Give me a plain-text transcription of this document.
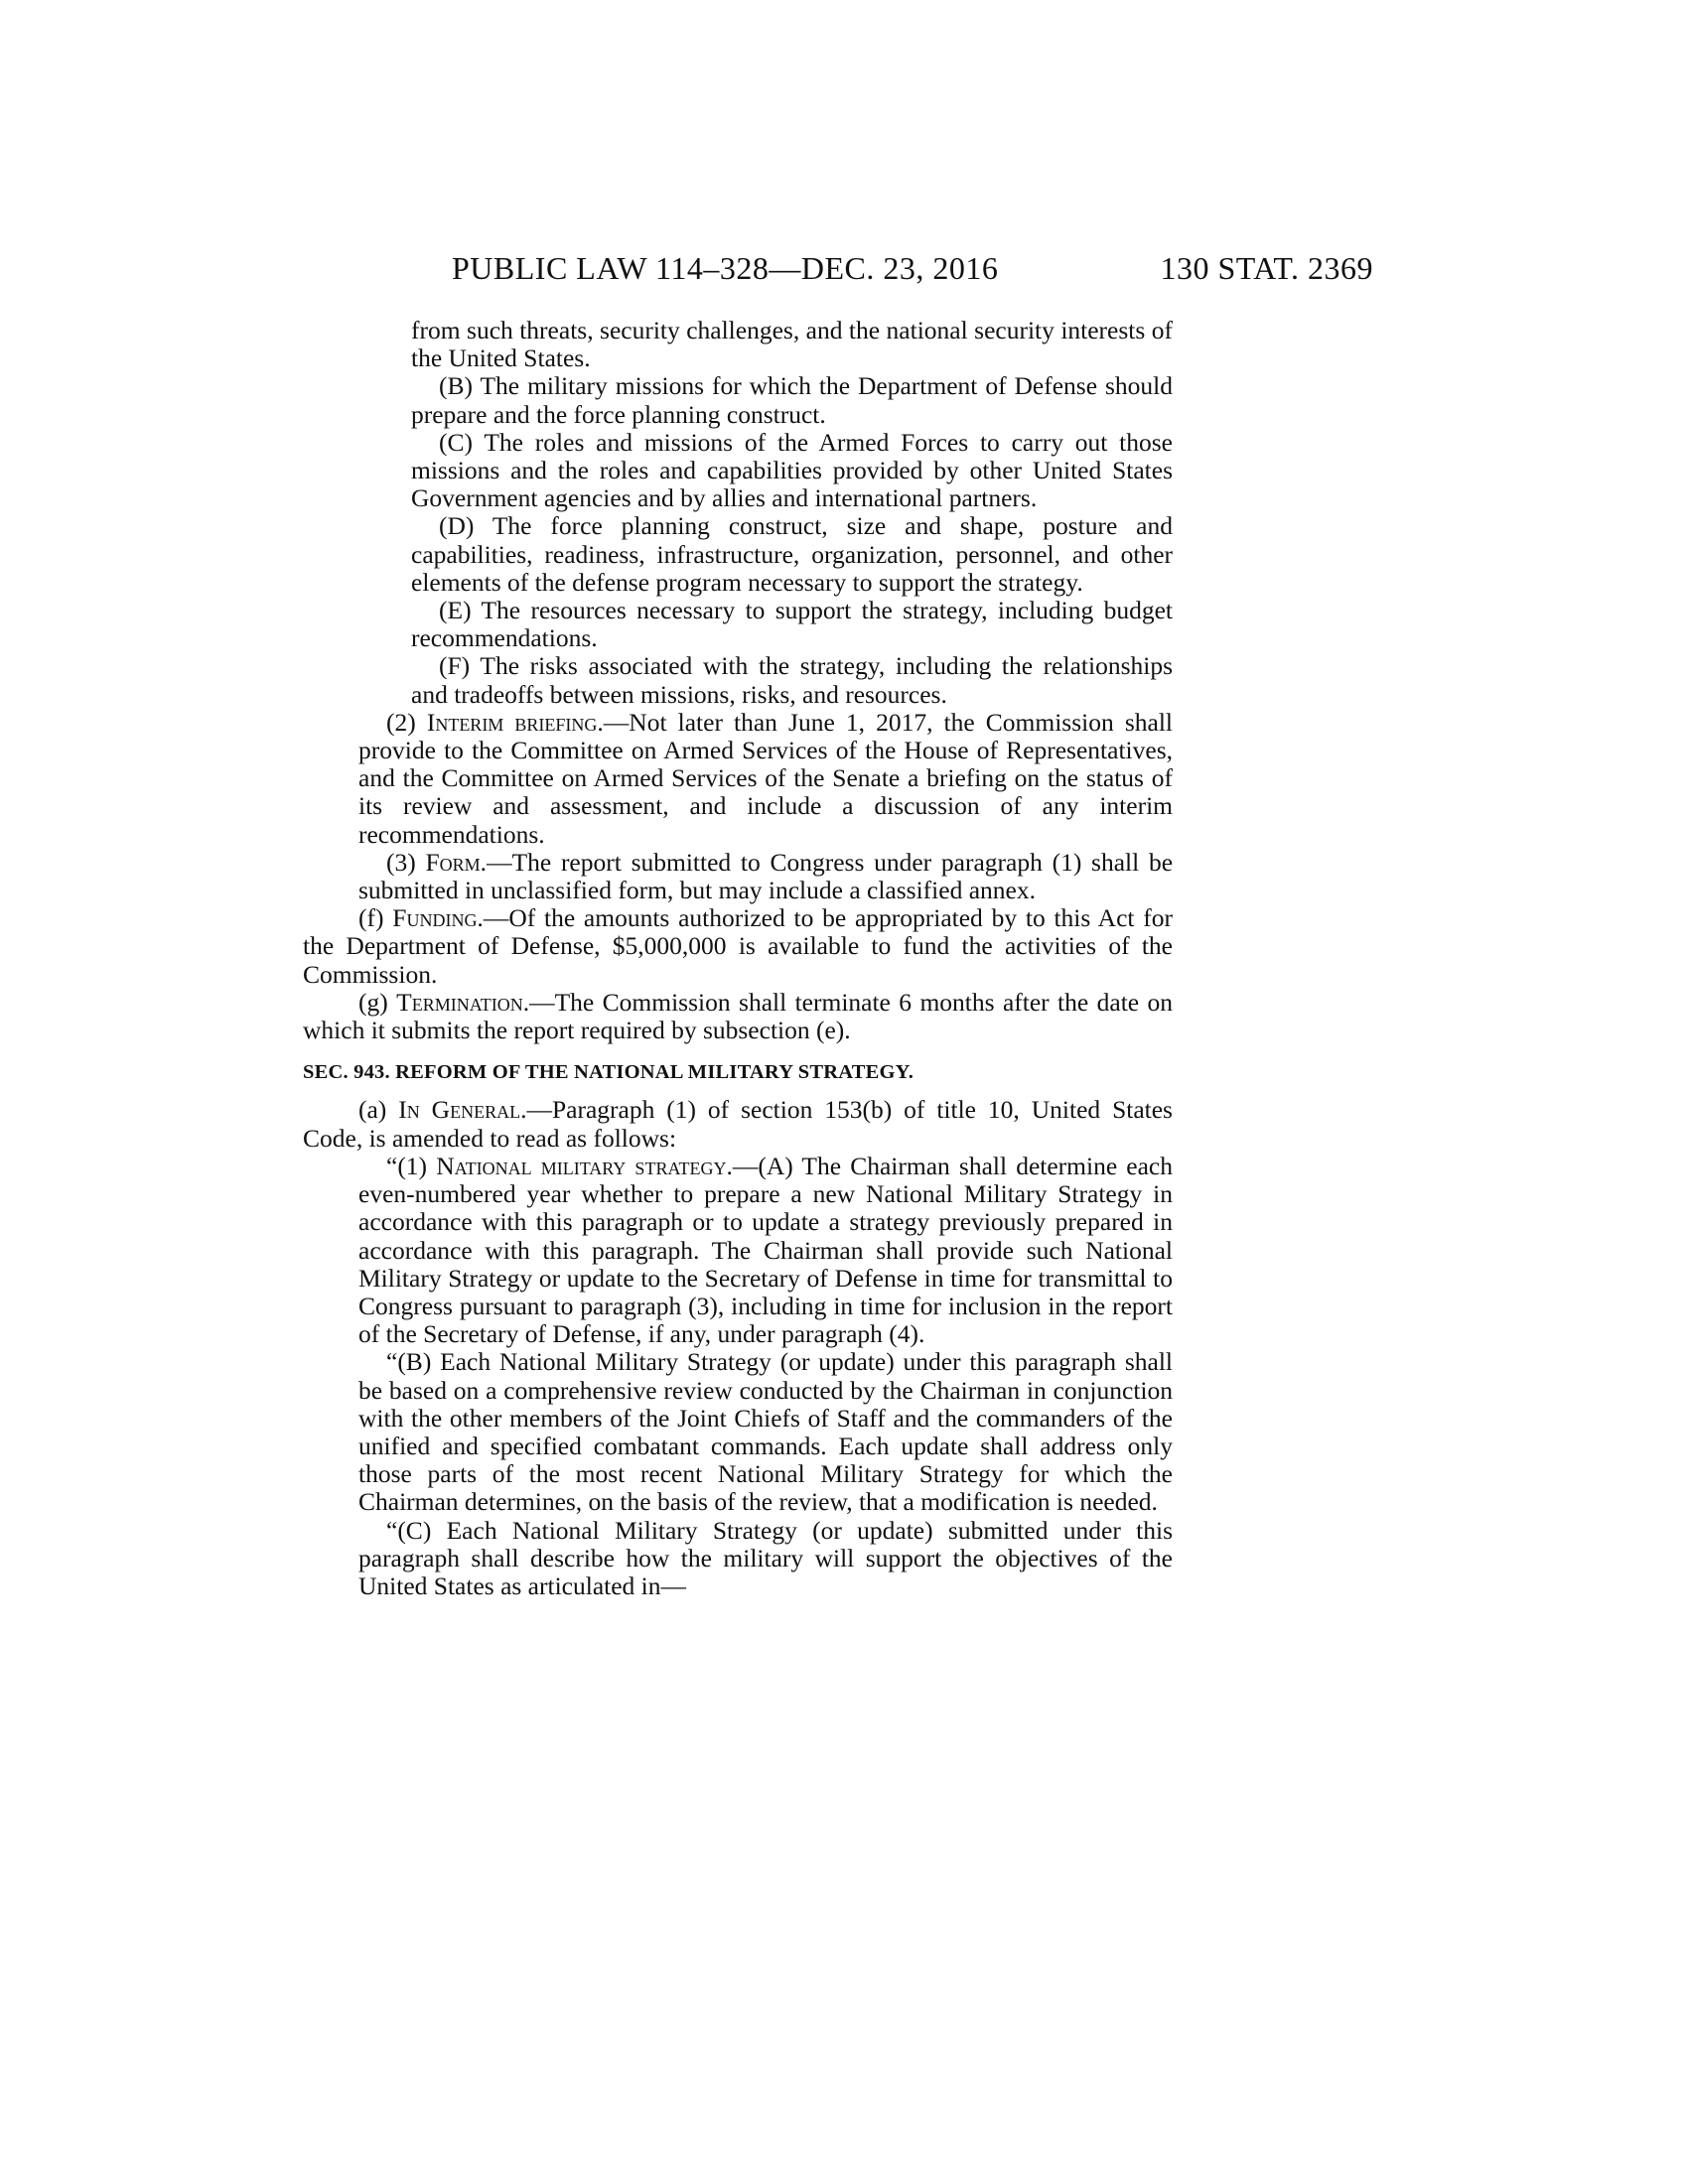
PUBLIC LAW 114–328—DEC. 23, 2016	130 STAT. 2369

from such threats, security challenges, and the national security interests of the United States.

(B) The military missions for which the Department of Defense should prepare and the force planning construct.

(C) The roles and missions of the Armed Forces to carry out those missions and the roles and capabilities provided by other United States Government agencies and by allies and international partners.

(D) The force planning construct, size and shape, posture and capabilities, readiness, infrastructure, organization, personnel, and other elements of the defense program necessary to support the strategy.

(E) The resources necessary to support the strategy, including budget recommendations.

(F) The risks associated with the strategy, including the relationships and tradeoffs between missions, risks, and resources.

(2) Interim briefing.—Not later than June 1, 2017, the Commission shall provide to the Committee on Armed Services of the House of Representatives, and the Committee on Armed Services of the Senate a briefing on the status of its review and assessment, and include a discussion of any interim recommendations.

(3) Form.—The report submitted to Congress under paragraph (1) shall be submitted in unclassified form, but may include a classified annex.

(f) Funding.—Of the amounts authorized to be appropriated by to this Act for the Department of Defense, $5,000,000 is available to fund the activities of the Commission.

(g) Termination.—The Commission shall terminate 6 months after the date on which it submits the report required by subsection (e).

SEC. 943. REFORM OF THE NATIONAL MILITARY STRATEGY.

(a) In General.—Paragraph (1) of section 153(b) of title 10, United States Code, is amended to read as follows:

“(1) National military strategy.—(A) The Chairman shall determine each even-numbered year whether to prepare a new National Military Strategy in accordance with this paragraph or to update a strategy previously prepared in accordance with this paragraph. The Chairman shall provide such National Military Strategy or update to the Secretary of Defense in time for transmittal to Congress pursuant to paragraph (3), including in time for inclusion in the report of the Secretary of Defense, if any, under paragraph (4).

“(B) Each National Military Strategy (or update) under this paragraph shall be based on a comprehensive review conducted by the Chairman in conjunction with the other members of the Joint Chiefs of Staff and the commanders of the unified and specified combatant commands. Each update shall address only those parts of the most recent National Military Strategy for which the Chairman determines, on the basis of the review, that a modification is needed.

“(C) Each National Military Strategy (or update) submitted under this paragraph shall describe how the military will support the objectives of the United States as articulated in—
